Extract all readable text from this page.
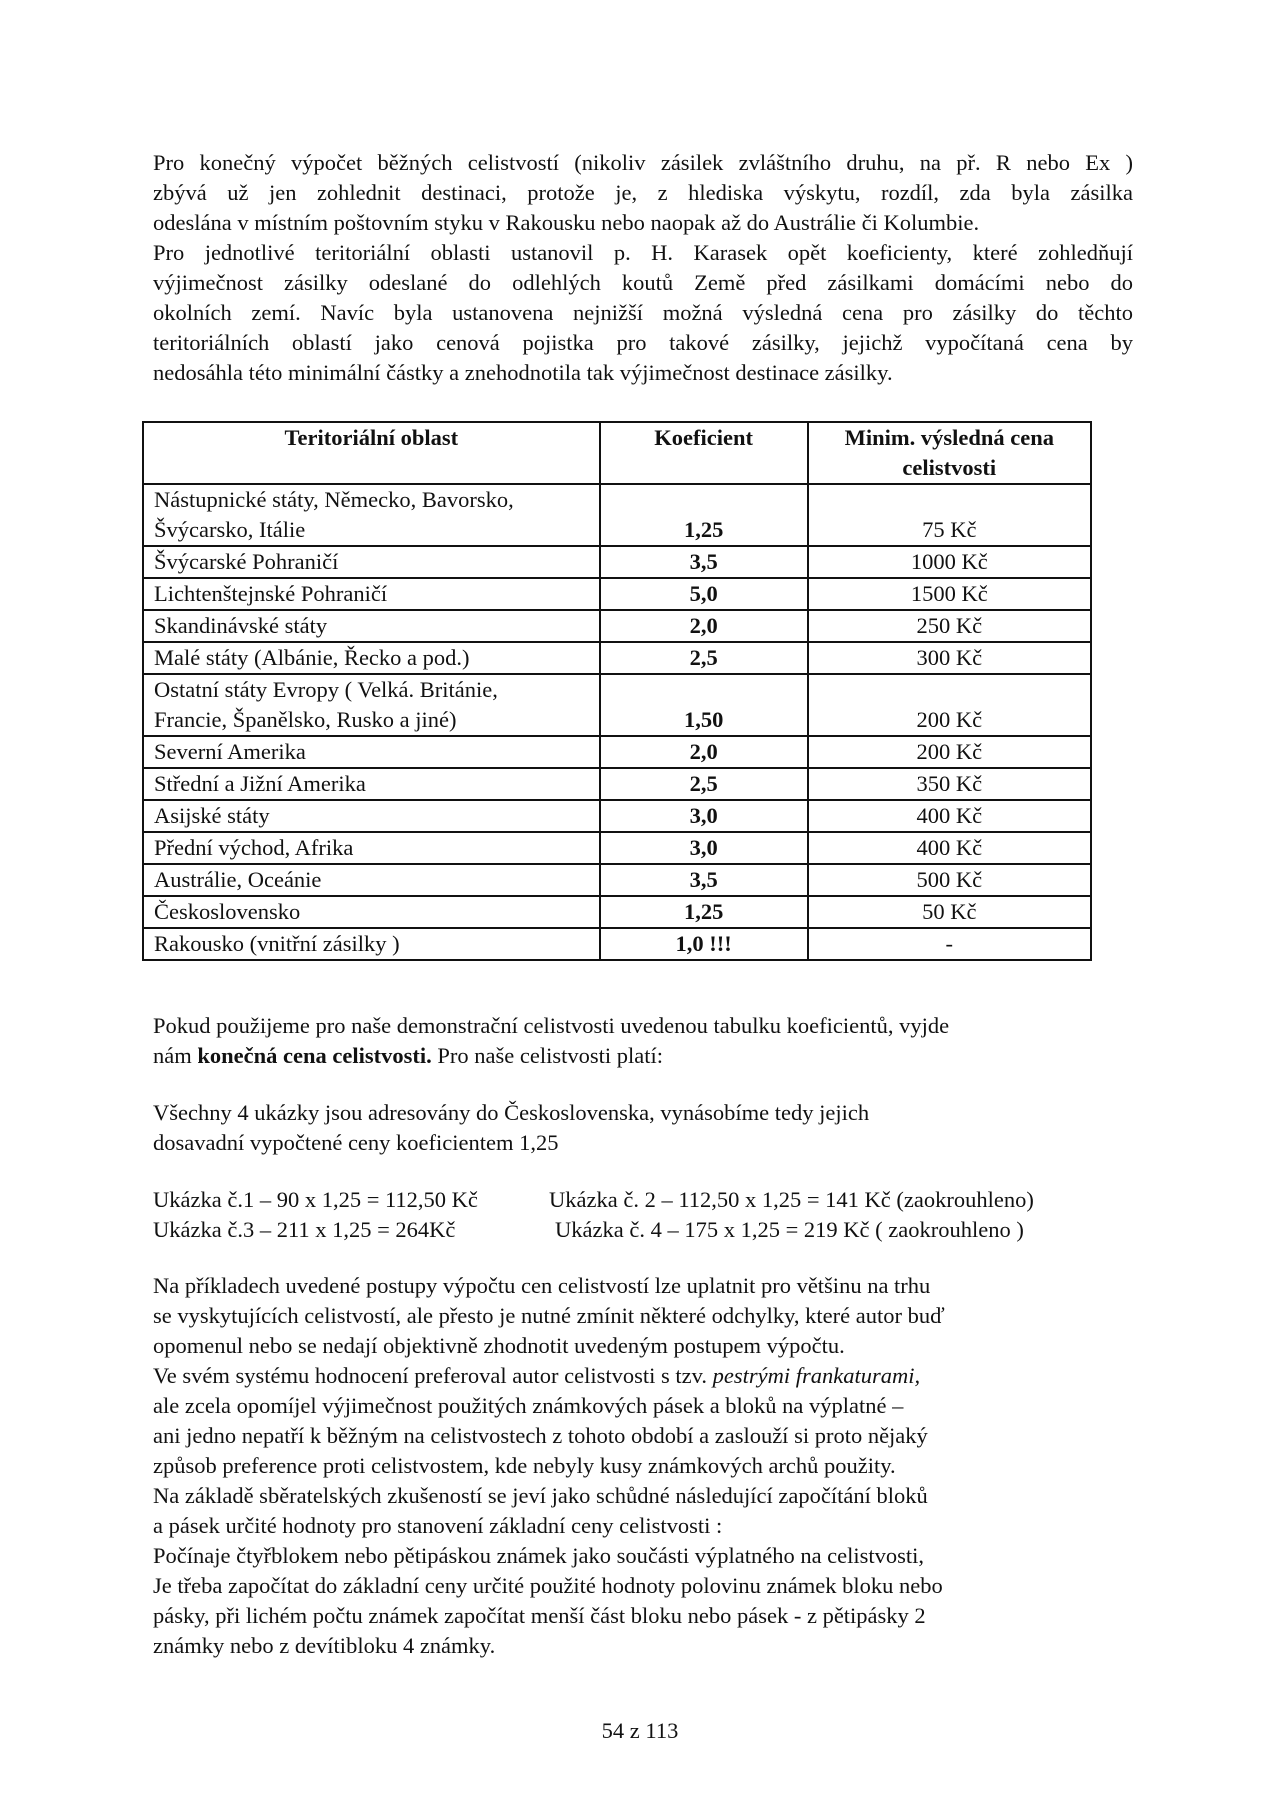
Pro konečný výpočet běžných celistvostí (nikoliv zásilek zvláštního druhu, na př. R nebo Ex )
zbývá už jen zohlednit destinaci, protože je, z hlediska výskytu, rozdíl, zda byla zásilka
odeslána v místním poštovním styku v Rakousku nebo naopak až do Austrálie či Kolumbie.
Pro jednotlivé teritoriální oblasti ustanovil p. H. Karasek opět koeficienty, které zohledňují
výjimečnost zásilky odeslané do odlehlých koutů Země před zásilkami domácími nebo do
okolních zemí. Navíc byla ustanovena nejnižší možná výsledná cena pro zásilky do těchto
teritoriálních oblastí jako cenová pojistka pro takové zásilky, jejichž vypočítaná cena by
nedosáhla této minimální částky a znehodnotila tak výjimečnost destinace zásilky.

Teritoriální oblast	Koeficient	Minim. výsledná cena celistvosti
Nástupnické státy, Německo, Bavorsko,
Švýcarsko, Itálie	1,25	75 Kč
Švýcarské Pohraničí	3,5	1000 Kč
Lichtenštejnské Pohraničí	5,0	1500 Kč
Skandinávské státy	2,0	250 Kč
Malé státy (Albánie, Řecko a pod.)	2,5	300 Kč
Ostatní státy Evropy ( Velká. Británie,
Francie, Španělsko, Rusko a jiné)	1,50	200 Kč
Severní Amerika	2,0	200 Kč
Střední a Jižní Amerika	2,5	350 Kč
Asijské státy	3,0	400 Kč
Přední východ, Afrika	3,0	400 Kč
Austrálie, Oceánie	3,5	500 Kč
Československo	1,25	50 Kč
Rakousko (vnitřní zásilky )	1,0 !!!	-

Pokud použijeme pro naše demonstrační celistvosti uvedenou tabulku koeficientů, vyjde
nám konečná cena celistvosti. Pro naše celistvosti platí:

Všechny 4 ukázky jsou adresovány do Československa, vynásobíme tedy jejich
dosavadní vypočtené ceny koeficientem 1,25

Ukázka č.1 – 90 x 1,25 = 112,50 Kč	Ukázka č. 2 – 112,50 x 1,25 = 141 Kč (zaokrouhleno)
Ukázka č.3 – 211 x 1,25 = 264Kč	Ukázka č. 4 – 175 x 1,25 = 219 Kč ( zaokrouhleno )

Na příkladech uvedené postupy výpočtu cen celistvostí lze uplatnit pro většinu na trhu
se vyskytujících celistvostí, ale přesto je nutné zmínit některé odchylky, které autor buď
opomenul nebo se nedají objektivně zhodnotit uvedeným postupem výpočtu.
Ve svém systému hodnocení preferoval autor celistvosti s tzv. pestrými frankaturami,
ale zcela opomíjel výjimečnost použitých známkových pásek a bloků na výplatné –
ani jedno nepatří k běžným na celistvostech z tohoto období a zaslouží si proto nějaký
způsob preference proti celistvostem, kde nebyly kusy známkových archů použity.
Na základě sběratelských zkušeností se jeví jako schůdné následující započítání bloků
a pásek určité hodnoty pro stanovení základní ceny celistvosti :
Počínaje čtyřblokem nebo pětipáskou známek jako součásti výplatného na celistvosti,
Je třeba započítat do základní ceny určité použité hodnoty polovinu známek bloku nebo
pásky, při lichém počtu známek započítat menší část bloku nebo pásek - z pětipásky 2
známky nebo z devítibloku 4 známky.

54 z 113
